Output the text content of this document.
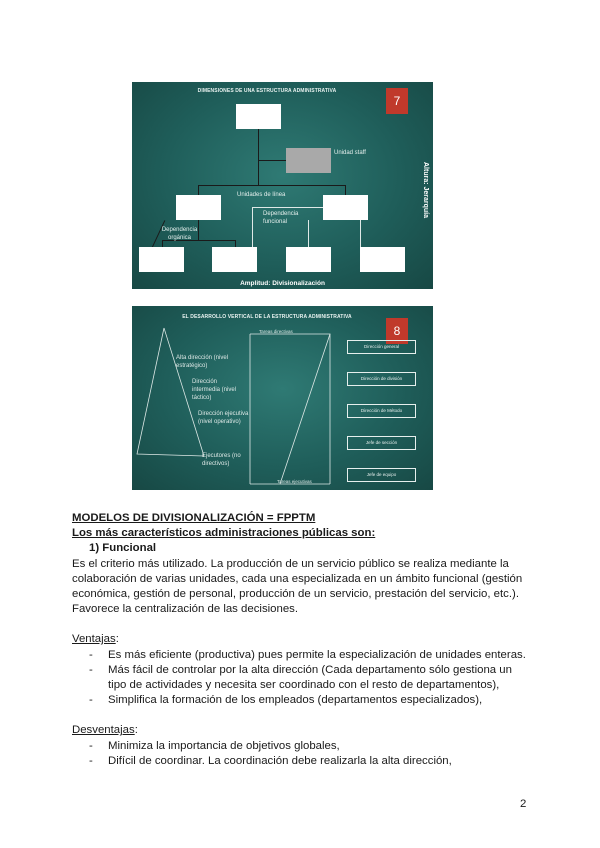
DIMENSIONES DE UNA ESTRUCTURA ADMINISTRATIVA
7
Unidad staff
Unidades de línea
Dependencia orgánica
Dependencia funcional
Altura: Jerarquía
Amplitud: Divisionalización
EL DESARROLLO VERTICAL DE LA ESTRUCTURA ADMINISTRATIVA
8
Tareas directivas
Tareas ejecutivas
Alta dirección (nivel estratégico)
Dirección intermedia (nivel táctico)
Dirección ejecutiva (nivel operativo)
Ejecutores (no directivos)
Dirección general
Dirección de división
Dirección de Método
Jefe de sección
Jefe de equipo
MODELOS DE DIVISIONALIZACIÓN = FPPTM
Los más característicos administraciones públicas son:
1) Funcional
Es el criterio más utilizado. La producción de un servicio público se realiza mediante la colaboración de varias unidades, cada una especializada en un ámbito funcional (gestión económica, gestión de personal, producción de un servicio, prestación del servicio, etc.). Favorece la centralización de las decisiones.
Ventajas:
- Es más eficiente (productiva) pues permite la especialización de unidades enteras.
- Más fácil de controlar por la alta dirección (Cada departamento sólo gestiona un tipo de actividades y necesita ser coordinado con el resto de departamentos),
- Simplifica la formación de los empleados (departamentos especializados),
Desventajas:
- Minimiza la importancia de objetivos globales,
- Difícil de coordinar. La coordinación debe realizarla la alta dirección,
2
